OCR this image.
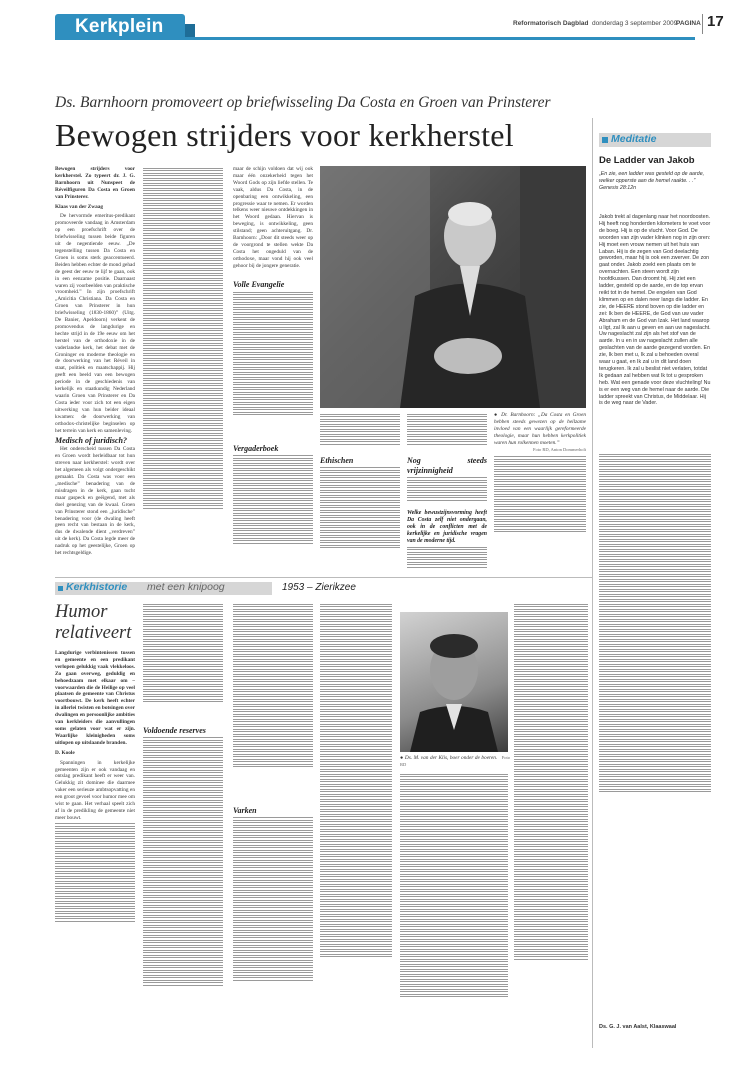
Kerkplein	Reformatorisch Dagblad donderdag 3 september 2009
PAGINA 17
Ds. Barnhoorn promoveert op briefwisseling Da Costa en Groen van Prinsterer
Bewogen strijders voor kerkherstel

Bewogen strijders voor kerkherstel. Zo typeert dr. J. G. Barnhoorn uit Nunspeet de Réveilfiguren Da Costa en Groen van Prinsterer.

Klaas van der Zwaag

De hervormde emeritus-predikant promoveerde vandaag in Amsterdam op een proefschrift over de briefwisseling tussen beide figuren uit de negentiende eeuw. „De tegenstelling tussen Da Costa en Groen is soms sterk geaccentueerd. Beiden hebben echter de mond gehad de geest der eeuw te lijf te gaan, ook in een eenzame positie. Daarnaast waren zij voorbeelden van praktische vroomheid.” In zijn proefschrift „Amicitia Christiana. Da Costa en Groen van Prinsterer in hun briefwisseling (1830-1860)” (Uitg. De Banier, Apeldoorn) verkent de promovendus de langdurige en hechte strijd in de 19e eeuw om het herstel van de orthodoxie in de vaderlandse kerk, het debat met de Groninger en moderne theologie en de doorwerking van het Réveil in staat, politiek en maatschappij. Hij geeft een beeld van een bewogen periode in de geschiedenis van kerkelijk en staatkundig Nederland waarin Groen van Prinsterer en Da Costa ieder voor zich tot een eigen uitwerking van hun beider ideaal kwamen: de doorwerking van orthodox-christelijke beginselen op het terrein van kerk en samenleving.

Medisch of juridisch?

Het onderscheid tussen Da Costa en Groen wordt herleidbaar tot hun streven naar kerkherstel: wordt over het algemeen als volgt ondergeschikt gemaakt. Da Costa was voor een „medische” benadering van de misdragen in de kerk, gaan tucht maar gaspeck en geëigend, met als doel genezing van de kwaal. Groen van Prinsterer stond een „juridische” benadering voor (de dwaling heeft geen recht van bestaan in de kerk, dus de dwalende dient „verdreven” uit de kerk). Da Costa legde meer de nadruk op het geestelijke, Groen op het rechtsgeldige.

maar de schijn voldoen dat wij ook maar één onzekerheid tegen het Woord Gods op zijn liefde stellen. Te vaak, aldus Da Costa, in de openbaring een ontwikkeling, een progressie waar te nemen. Er worden telkens weer nieuwe ontdekkingen in het Woord gedaan. Hiervan is beweging, is ontwikkeling, geen stilstand; geen achteruitgang. Dr. Barnhoorn: „Door dit steeds weer op de voorgrond te stellen wekte Da Costa het ongeduld van de orthodoxe, maar vond hij ook veel gehoor bij de jongere generatie.

Volle Evangelie
Vergaderboek
Ethischen	Nog steeds vrijzinnigheid

Welke bewustzijnsvorming heeft Da Costa zelf niet ondergaan, ook in de conflicten met de kerkelijke en juridische vragen van de moderne tijd.

● Dr. Barnhoorn: „Da Costa en Groen hebben steeds gewezen op de heilzame invloed van een waarlijk gereformeerde theologie, maar hun hebben kerkpolitiek waren hun rolkennen moeten.”

Foto RD, Anton Dommerholt

Meditatie
De Ladder van Jakob

„En zie, een ladder was gesteld op de aarde, welker opperste aan de hemel raakte. . .”

Genesis 28:12n

Jakob trekt al dagenlang naar het noordoosten. Hij heeft nog honderden kilometers te voet voor de boeg. Hij is op de vlucht. Voor God. De woorden van zijn vader klinken nog in zijn oren: Hij moet een vrouw nemen uit het huis van Laban. Hij is de zegen van God deelachtig geworden, maar hij is ook een zwerver. De zon gaat onder. Jakob zoekt een plaats om te overnachten. Een steen wordt zijn hoofdkussen. Dan droomt hij. Hij ziet een ladder, gesteld op de aarde, en de top ervan reikt tot in de hemel. De engelen van God klimmen op en dalen neer langs die ladder. En zie, de HEERE stond boven op die ladder en zei: Ik ben de HEERE, de God van uw vader Abraham en de God van Izak. Het land waarop u ligt, zal Ik aan u geven en aan uw nageslacht. Uw nageslacht zal zijn als het stof van de aarde. In u en in uw nageslacht zullen alle geslachten van de aarde gezegend worden. En zie, Ik ben met u, Ik zal u behoeden overal waar u gaat, en Ik zal u in dit land doen terugkeren. Ik zal u beslist niet verlaten, totdat Ik gedaan zal hebben wat Ik tot u gesproken heb. Wat een genade voor deze vluchteling! Nu is er een weg van de hemel naar de aarde. Die ladder spreekt van Christus, de Middelaar. Hij is de weg naar de Vader.

Ds. G. J. van Aalst, Klaaswaal
Kerkhistorie met een knipoog	1953 – Zierikzee
Humor relativeert

Langdurige verbintenissen tussen en gemeente en een predikant verlopen gelukkig vaak vlekkeloos. Zo gaan overweg, geduldig en behoedzaam met elkaar om – voorwaarden die de Heilige op veel plaatsen de gemeente van Christus voortbouwt. De kerk heeft echter in allerlei twisten en botsingen over dwalingen en persoonlijke ambities van kerkleiders die aanvullingen soms gelaten voor wat er zijn. Waarlijke kleinigheden soms uitlopen op uitslaande branden.

D. Koole

Spanningen in kerkelijke gemeenten zijn er ook vandaag en ontslag predikant heeft er weer van. Gelukkig zit dominee die daarmee vaker een serieuze ambtsopvatting en een groot gevoel voor humor mee om wist te gaan. Het verhaal speelt zich af in de predikling de gemeente niet meer bouwt.

Voldoende reserves
Varken
● Ds. M. van der Klis, boer onder de boeren. Foto RD
